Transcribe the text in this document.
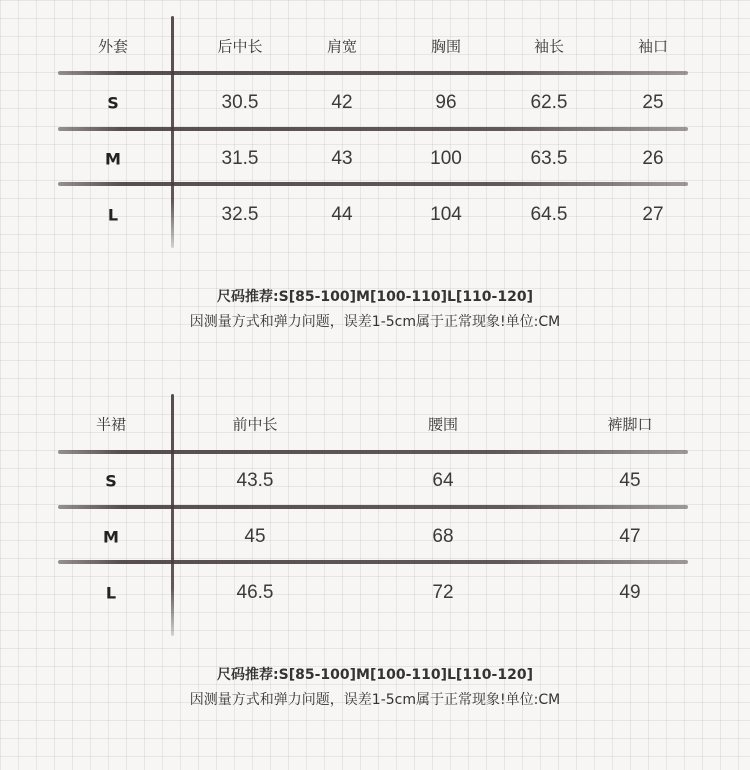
外套	后中长	肩宽	胸围	袖长	袖口
S	30.5	42	96	62.5	25
M	31.5	43	100	63.5	26
L	32.5	44	104	64.5	27
尺码推荐:S[85-100]M[100-110]L[110-120]
因测量方式和弹力问题，误差1-5cm属于正常现象!单位:CM
半裙	前中长	腰围	裤脚口
S	43.5	64	45
M	45	68	47
L	46.5	72	49
尺码推荐:S[85-100]M[100-110]L[110-120]
因测量方式和弹力问题，误差1-5cm属于正常现象!单位:CM
